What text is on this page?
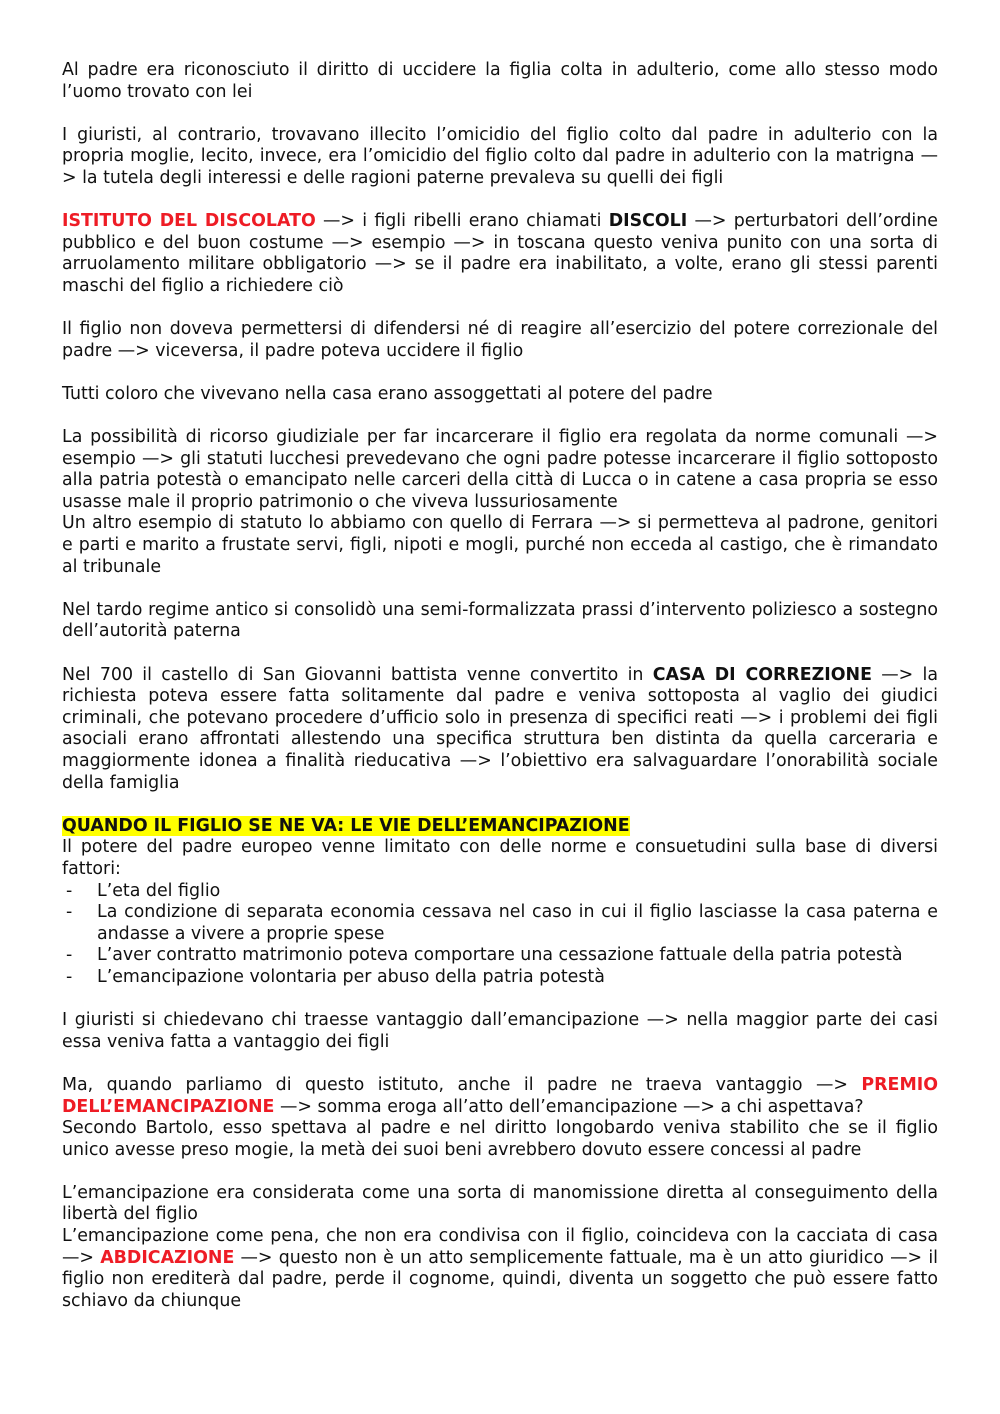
Al padre era riconosciuto il diritto di uccidere la figlia colta in adulterio, come allo stesso modo l’uomo trovato con lei

I giuristi, al contrario, trovavano illecito l’omicidio del figlio colto dal padre in adulterio con la propria moglie, lecito, invece, era l’omicidio del figlio colto dal padre in adulterio con la matrigna —> la tutela degli interessi e delle ragioni paterne prevaleva su quelli dei figli

ISTITUTO DEL DISCOLATO —> i figli ribelli erano chiamati DISCOLI —> perturbatori dell’ordine pubblico e del buon costume —> esempio —> in toscana questo veniva punito con una sorta di arruolamento militare obbligatorio —> se il padre era inabilitato, a volte, erano gli stessi parenti maschi del figlio a richiedere ciò

Il figlio non doveva permettersi di difendersi né di reagire all’esercizio del potere correzionale del padre —> viceversa, il padre poteva uccidere il figlio

Tutti coloro che vivevano nella casa erano assoggettati al potere del padre

La possibilità di ricorso giudiziale per far incarcerare il figlio era regolata da norme comunali —> esempio —> gli statuti lucchesi prevedevano che ogni padre potesse incarcerare il figlio sottoposto alla patria potestà o emancipato nelle carceri della città di Lucca o in catene a casa propria se esso usasse male il proprio patrimonio o che viveva lussuriosamente

Un altro esempio di statuto lo abbiamo con quello di Ferrara —> si permetteva al padrone, genitori e parti e marito a frustate servi, figli, nipoti e mogli, purché non ecceda al castigo, che è rimandato al tribunale

Nel tardo regime antico si consolidò una semi-formalizzata prassi d’intervento poliziesco a sostegno dell’autorità paterna

Nel 700 il castello di San Giovanni battista venne convertito in CASA DI CORREZIONE —> la richiesta poteva essere fatta solitamente dal padre e veniva sottoposta al vaglio dei giudici criminali, che potevano procedere d’ufficio solo in presenza di specifici reati —> i problemi dei figli asociali erano affrontati allestendo una specifica struttura ben distinta da quella carceraria e maggiormente idonea a finalità rieducativa —> l’obiettivo era salvaguardare l’onorabilità sociale della famiglia

QUANDO IL FIGLIO SE NE VA: LE VIE DELL’EMANCIPAZIONE

Il potere del padre europeo venne limitato con delle norme e consuetudini sulla base di diversi fattori:

- L’eta del figlio
- La condizione di separata economia cessava nel caso in cui il figlio lasciasse la casa paterna e andasse a vivere a proprie spese
- L’aver contratto matrimonio poteva comportare una cessazione fattuale della patria potestà
- L’emancipazione volontaria per abuso della patria potestà

I giuristi si chiedevano chi traesse vantaggio dall’emancipazione —> nella maggior parte dei casi essa veniva fatta a vantaggio dei figli

Ma, quando parliamo di questo istituto, anche il padre ne traeva vantaggio —> PREMIO DELL’EMANCIPAZIONE —> somma eroga all’atto dell’emancipazione —> a chi aspettava?

Secondo Bartolo, esso spettava al padre e nel diritto longobardo veniva stabilito che se il figlio unico avesse preso mogie, la metà dei suoi beni avrebbero dovuto essere concessi al padre

L’emancipazione era considerata come una sorta di manomissione diretta al conseguimento della libertà del figlio

L’emancipazione come pena, che non era condivisa con il figlio, coincideva con la cacciata di casa —> ABDICAZIONE —> questo non è un atto semplicemente fattuale, ma è un atto giuridico —> il figlio non erediterà dal padre, perde il cognome, quindi, diventa un soggetto che può essere fatto schiavo da chiunque
